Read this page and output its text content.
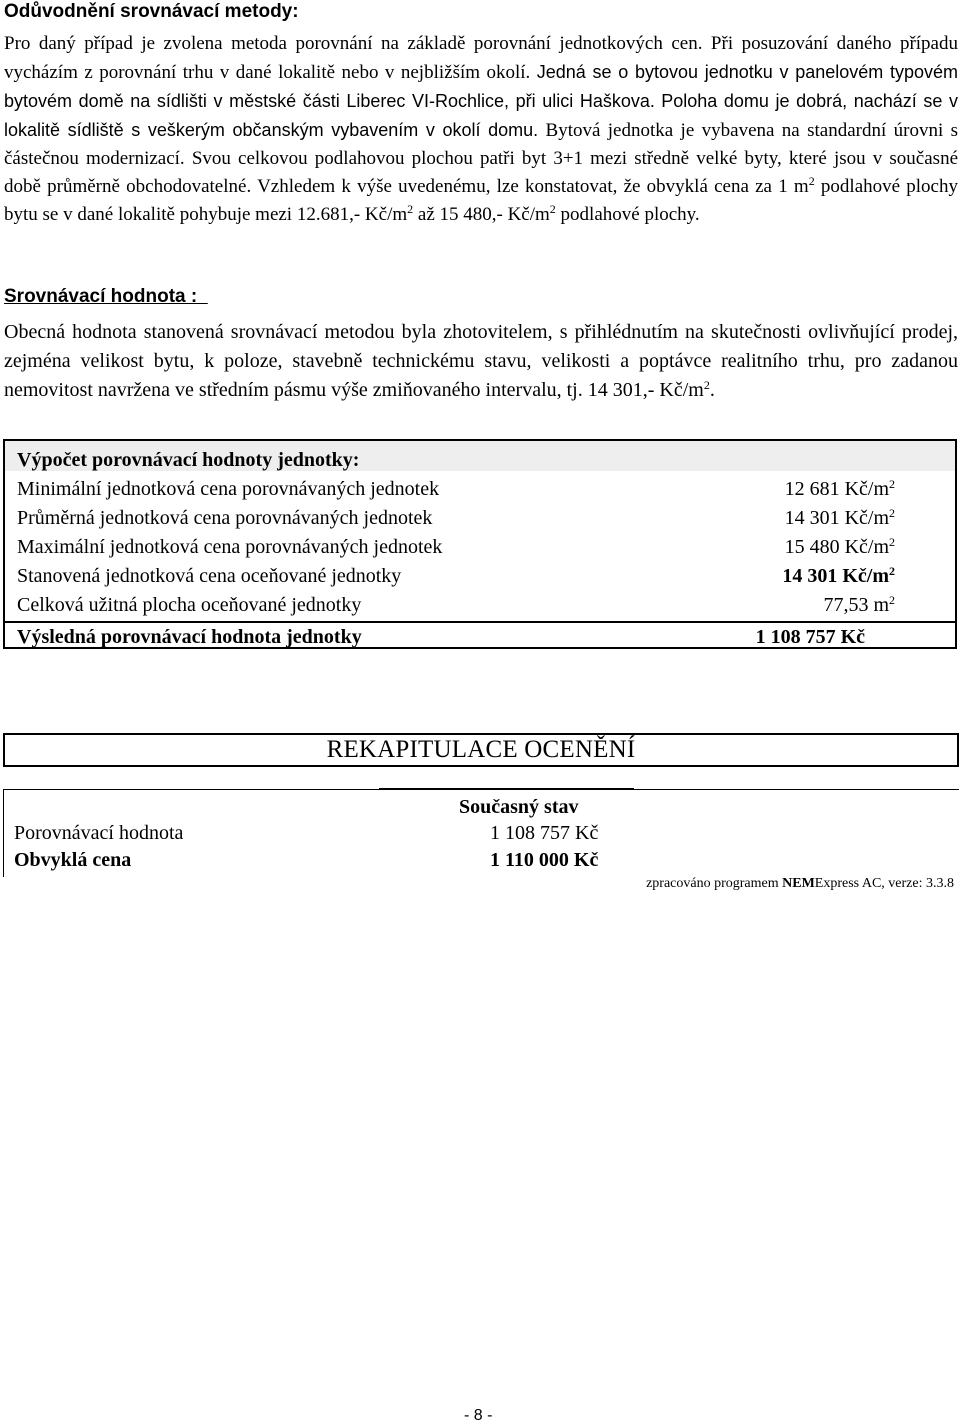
Odůvodnění srovnávací metody:

Pro daný případ je zvolena metoda porovnání na základě porovnání jednotkových cen. Při posuzování daného případu vycházím z porovnání trhu v dané lokalitě nebo v nejbližším okolí. Jedná se o bytovou jednotku v panelovém typovém bytovém domě na sídlišti v městské části Liberec VI-Rochlice, při ulici Haškova. Poloha domu je dobrá, nachází se v lokalitě sídliště s veškerým občanským vybavením v okolí domu. Bytová jednotka je vybavena na standardní úrovni s částečnou modernizací. Svou celkovou podlahovou plochou patři byt 3+1 mezi středně velké byty, které jsou v současné době průměrně obchodovatelné. Vzhledem k výše uvedenému, lze konstatovat, že obvyklá cena za 1 $m^2$ podlahové plochy bytu se v dané lokalitě pohybuje mezi 12.681,- $Kč/m^2$ až 15 480,- $Kč/m^2$ podlahové plochy.

Srovnávací hodnota :

Obecná hodnota stanovená srovnávací metodou byla zhotovitelem, s přihlédnutím na skutečnosti ovlivňující prodej, zejména velikost bytu, k poloze, stavebně technickému stavu, velikosti a poptávce realitního trhu, pro zadanou nemovitost navržena ve středním pásmu výše zmiňovaného intervalu, tj. 14 301,- $Kč/m^2$.

Výpočet porovnávací hodnoty jednotky:
Minimální jednotková cena porovnávaných jednotek	12 681 $Kč/m^2$
Průměrná jednotková cena porovnávaných jednotek	14 301 $Kč/m^2$
Maximální jednotková cena porovnávaných jednotek	15 480 $Kč/m^2$
Stanovená jednotková cena oceňované jednotky	14 301 $Kč/m^2$
Celková užitná plocha oceňované jednotky	77,53 $m^2$
Výsledná porovnávací hodnota jednotky	1 108 757 Kč
REKAPITULACE OCENĚNÍ
Současný stav
Porovnávací hodnota	1 108 757 Kč
Obvyklá cena	1 110 000 Kč
zpracováno programem NEMExpress AC, verze: 3.3.8
- 8 -
